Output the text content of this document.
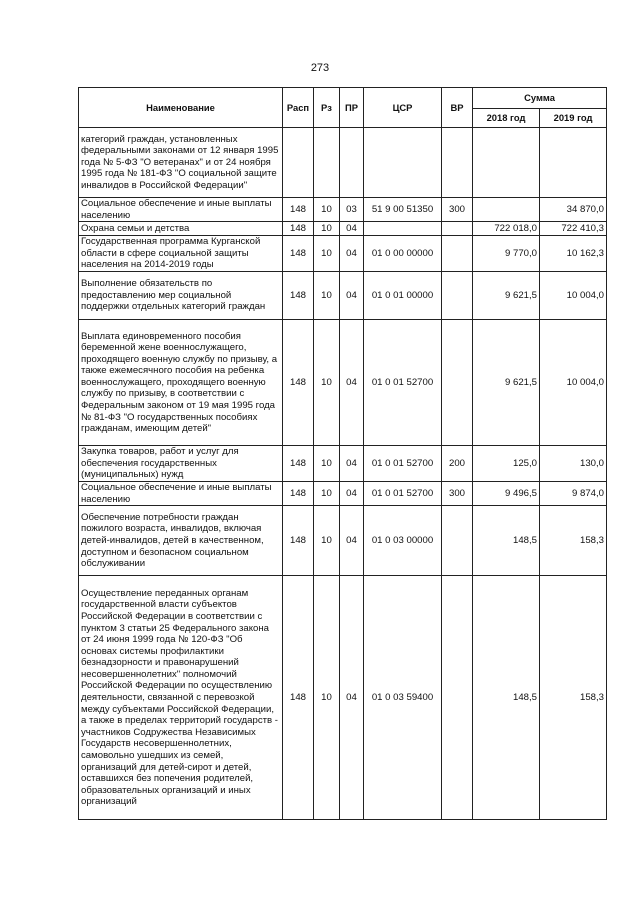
273
Наименование	Расп	Рз	ПР	ЦСР	ВР	Сумма	
						2018 год	2019 год
категорий граждан, установленных федеральными законами от 12 января 1995 года № 5-ФЗ "О ветеранах" и от 24 ноября 1995 года № 181-ФЗ "О социальной защите инвалидов в Российской Федерации"							
Социальное обеспечение и иные выплаты населению	148	10	03	51 9 00 51350	300		34 870,0
Охрана семьи и детства	148	10	04			722 018,0	722 410,3
Государственная программа Курганской области в сфере социальной защиты населения на 2014-2019 годы	148	10	04	01 0 00 00000		9 770,0	10 162,3
Выполнение обязательств по предоставлению мер социальной поддержки отдельных категорий граждан	148	10	04	01 0 01 00000		9 621,5	10 004,0
Выплата единовременного пособия беременной жене военнослужащего, проходящего военную службу по призыву, а также ежемесячного пособия на ребенка военнослужащего, проходящего военную службу по призыву, в соответствии с Федеральным законом от 19 мая 1995 года № 81-ФЗ "О государственных пособиях гражданам, имеющим детей"	148	10	04	01 0 01 52700		9 621,5	10 004,0
Закупка товаров, работ и услуг для обеспечения государственных (муниципальных) нужд	148	10	04	01 0 01 52700	200	125,0	130,0
Социальное обеспечение и иные выплаты населению	148	10	04	01 0 01 52700	300	9 496,5	9 874,0
Обеспечение потребности граждан пожилого возраста, инвалидов, включая детей-инвалидов, детей в качественном, доступном и безопасном социальном обслуживании	148	10	04	01 0 03 00000		148,5	158,3
Осуществление переданных органам государственной власти субъектов Российской Федерации в соответствии с пунктом 3 статьи 25 Федерального закона от 24 июня 1999 года № 120-ФЗ "Об основах системы профилактики безнадзорности и правонарушений несовершеннолетних" полномочий Российской Федерации по осуществлению деятельности, связанной с перевозкой между субъектами Российской Федерации, а также в пределах территорий государств - участников Содружества Независимых Государств несовершеннолетних, самовольно ушедших из семей, организаций для детей-сирот и детей, оставшихся без попечения родителей, образовательных организаций и иных организаций	148	10	04	01 0 03 59400		148,5	158,3
